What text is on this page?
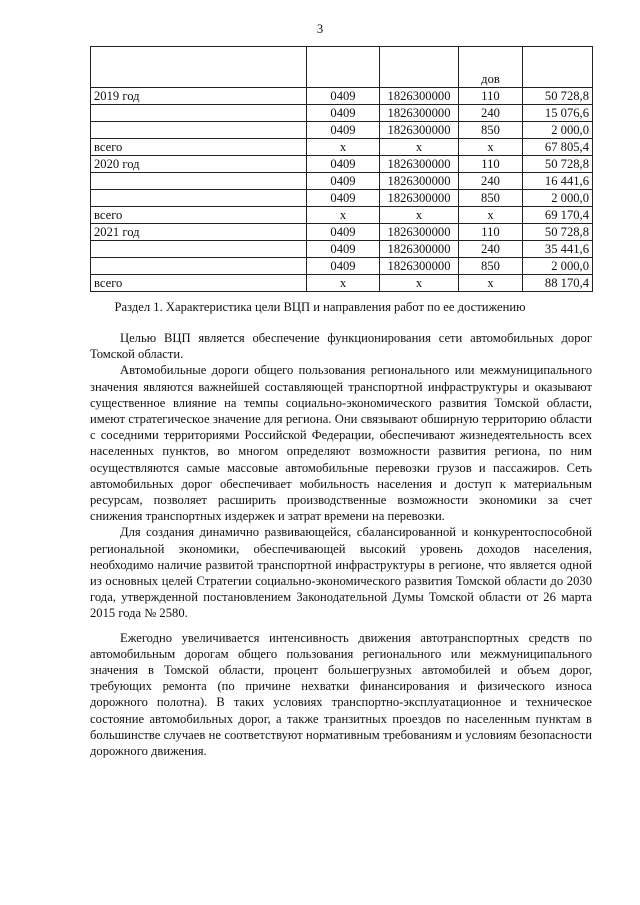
3
			дов	
2019 год	0409	1826300000	110	50 728,8
	0409	1826300000	240	15 076,6
	0409	1826300000	850	2 000,0
всего	х	х	х	67 805,4
2020 год	0409	1826300000	110	50 728,8
	0409	1826300000	240	16 441,6
	0409	1826300000	850	2 000,0
всего	х	х	х	69 170,4
2021 год	0409	1826300000	110	50 728,8
	0409	1826300000	240	35 441,6
	0409	1826300000	850	2 000,0
всего	х	х	х	88 170,4
Раздел 1. Характеристика цели ВЦП и направления работ по ее достижению

Целью ВЦП является обеспечение функционирования сети автомобильных дорог Томской области.

Автомобильные дороги общего пользования регионального или межмуниципального значения являются важнейшей составляющей транспортной инфраструктуры и оказывают существенное влияние на темпы социально-экономического развития Томской области, имеют стратегическое значение для региона. Они связывают обширную территорию области с соседними территориями Российской Федерации, обеспечивают жизнедеятельность всех населенных пунктов, во многом определяют возможности развития региона, по ним осуществляются самые массовые автомобильные перевозки грузов и пассажиров. Сеть автомобильных дорог обеспечивает мобильность населения и доступ к материальным ресурсам, позволяет расширить производственные возможности экономики за счет снижения транспортных издержек и затрат времени на перевозки.

Для создания динамично развивающейся, сбалансированной и конкурентоспособной региональной экономики, обеспечивающей высокий уровень доходов населения, необходимо наличие развитой транспортной инфраструктуры в регионе, что является одной из основных целей Стратегии социально-экономического развития Томской области до 2030 года, утвержденной постановлением Законодательной Думы Томской области от 26 марта 2015 года № 2580.

Ежегодно увеличивается интенсивность движения автотранспортных средств по автомобильным дорогам общего пользования регионального или межмуниципального значения в Томской области, процент большегрузных автомобилей и объем дорог, требующих ремонта (по причине нехватки финансирования и физического износа дорожного полотна). В таких условиях транспортно-эксплуатационное и техническое состояние автомобильных дорог, а также транзитных проездов по населенным пунктам в большинстве случаев не соответствуют нормативным требованиям и условиям безопасности дорожного движения.
